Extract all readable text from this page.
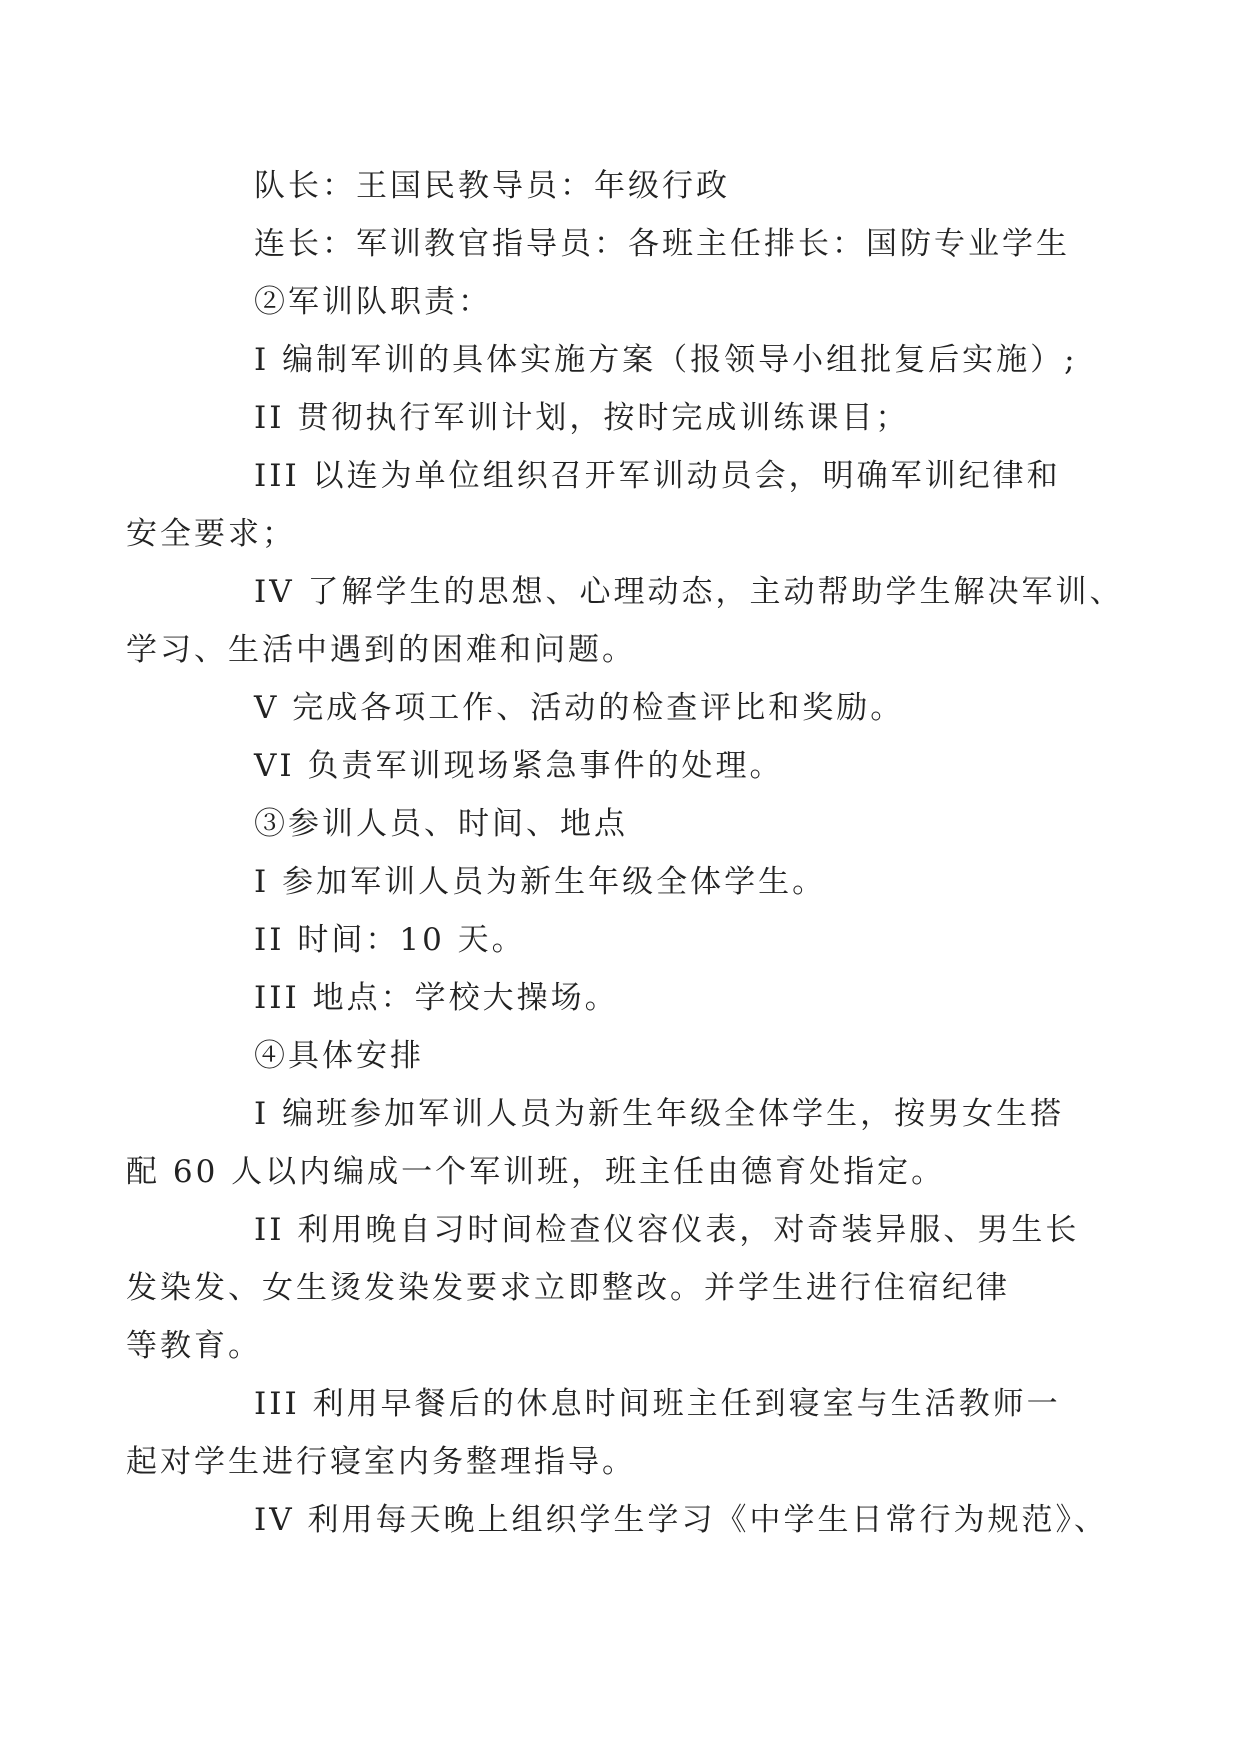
队长：王国民教导员：年级行政

连长：军训教官指导员：各班主任排长：国防专业学生

②军训队职责：

I 编制军训的具体实施方案（报领导小组批复后实施）;

II 贯彻执行军训计划，按时完成训练课目；

III 以连为单位组织召开军训动员会，明确军训纪律和
安全要求；

IV 了解学生的思想、心理动态，主动帮助学生解决军训、
学习、生活中遇到的困难和问题。

V 完成各项工作、活动的检查评比和奖励。

VI 负责军训现场紧急事件的处理。

③参训人员、时间、地点

I 参加军训人员为新生年级全体学生。

II 时间：10 天。

III 地点：学校大操场。

④具体安排

I 编班参加军训人员为新生年级全体学生，按男女生搭
配 60 人以内编成一个军训班，班主任由德育处指定。

II 利用晚自习时间检查仪容仪表，对奇装异服、男生长
发染发、女生烫发染发要求立即整改。并学生进行住宿纪律
等教育。

III 利用早餐后的休息时间班主任到寝室与生活教师一
起对学生进行寝室内务整理指导。

IV 利用每天晚上组织学生学习《中学生日常行为规范》、
